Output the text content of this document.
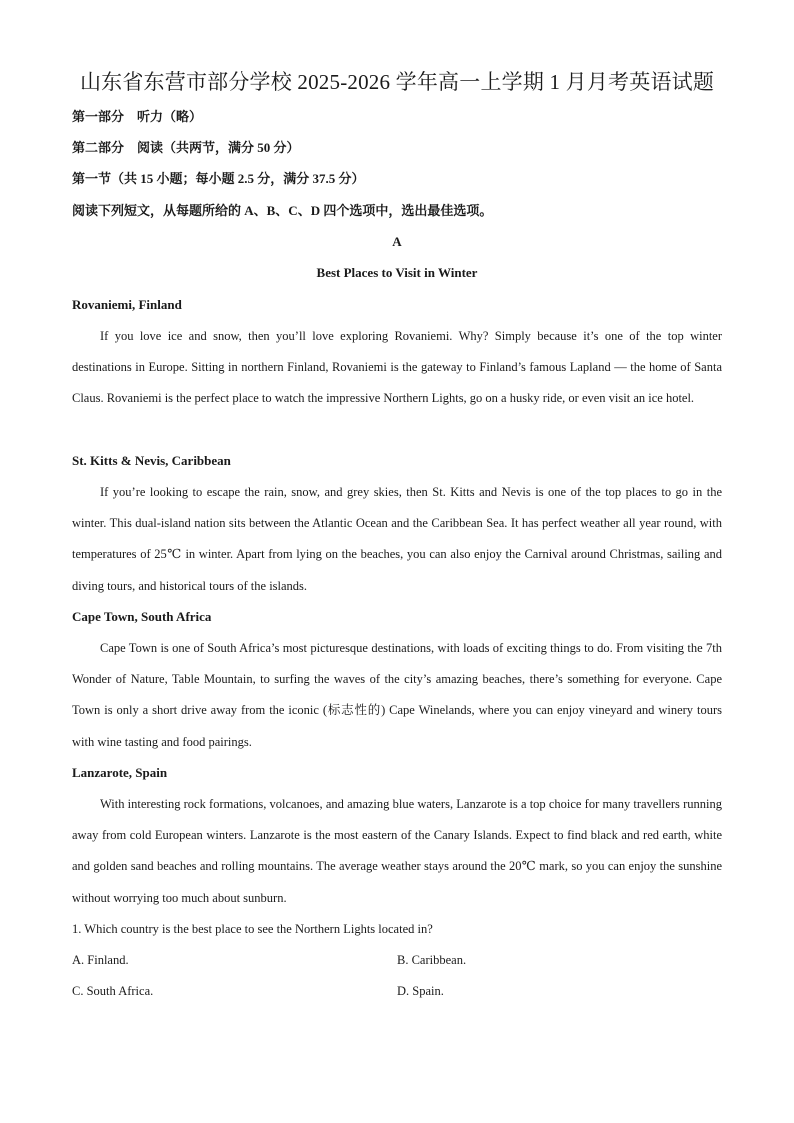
山东省东营市部分学校 2025-2026 学年高一上学期 1 月月考英语试题
第一部分　听力（略）
第二部分　阅读（共两节，满分 50 分）
第一节（共 15 小题；每小题 2.5 分，满分 37.5 分）
阅读下列短文，从每题所给的 A、B、C、D 四个选项中，选出最佳选项。
A
Best Places to Visit in Winter
Rovaniemi, Finland

If you love ice and snow, then you’ll love exploring Rovaniemi. Why? Simply because it’s one of the top winter destinations in Europe. Sitting in northern Finland, Rovaniemi is the gateway to Finland’s famous Lapland — the home of Santa Claus. Rovaniemi is the perfect place to watch the impressive Northern Lights, go on a husky ride, or even visit an ice hotel.

St. Kitts & Nevis, Caribbean

If you’re looking to escape the rain, snow, and grey skies, then St. Kitts and Nevis is one of the top places to go in the winter. This dual-island nation sits between the Atlantic Ocean and the Caribbean Sea. It has perfect weather all year round, with temperatures of 25℃ in winter. Apart from lying on the beaches, you can also enjoy the Carnival around Christmas, sailing and diving tours, and historical tours of the islands.

Cape Town, South Africa

Cape Town is one of South Africa’s most picturesque destinations, with loads of exciting things to do. From visiting the 7th Wonder of Nature, Table Mountain, to surfing the waves of the city’s amazing beaches, there’s something for everyone. Cape Town is only a short drive away from the iconic (标志性的) Cape Winelands, where you can enjoy vineyard and winery tours with wine tasting and food pairings.

Lanzarote, Spain

With interesting rock formations, volcanoes, and amazing blue waters, Lanzarote is a top choice for many travellers running away from cold European winters. Lanzarote is the most eastern of the Canary Islands. Expect to find black and red earth, white and golden sand beaches and rolling mountains. The average weather stays around the 20℃ mark, so you can enjoy the sunshine without worrying too much about sunburn.

1. Which country is the best place to see the Northern Lights located in?
A. Finland.	B. Caribbean.
C. South Africa.	D. Spain.
